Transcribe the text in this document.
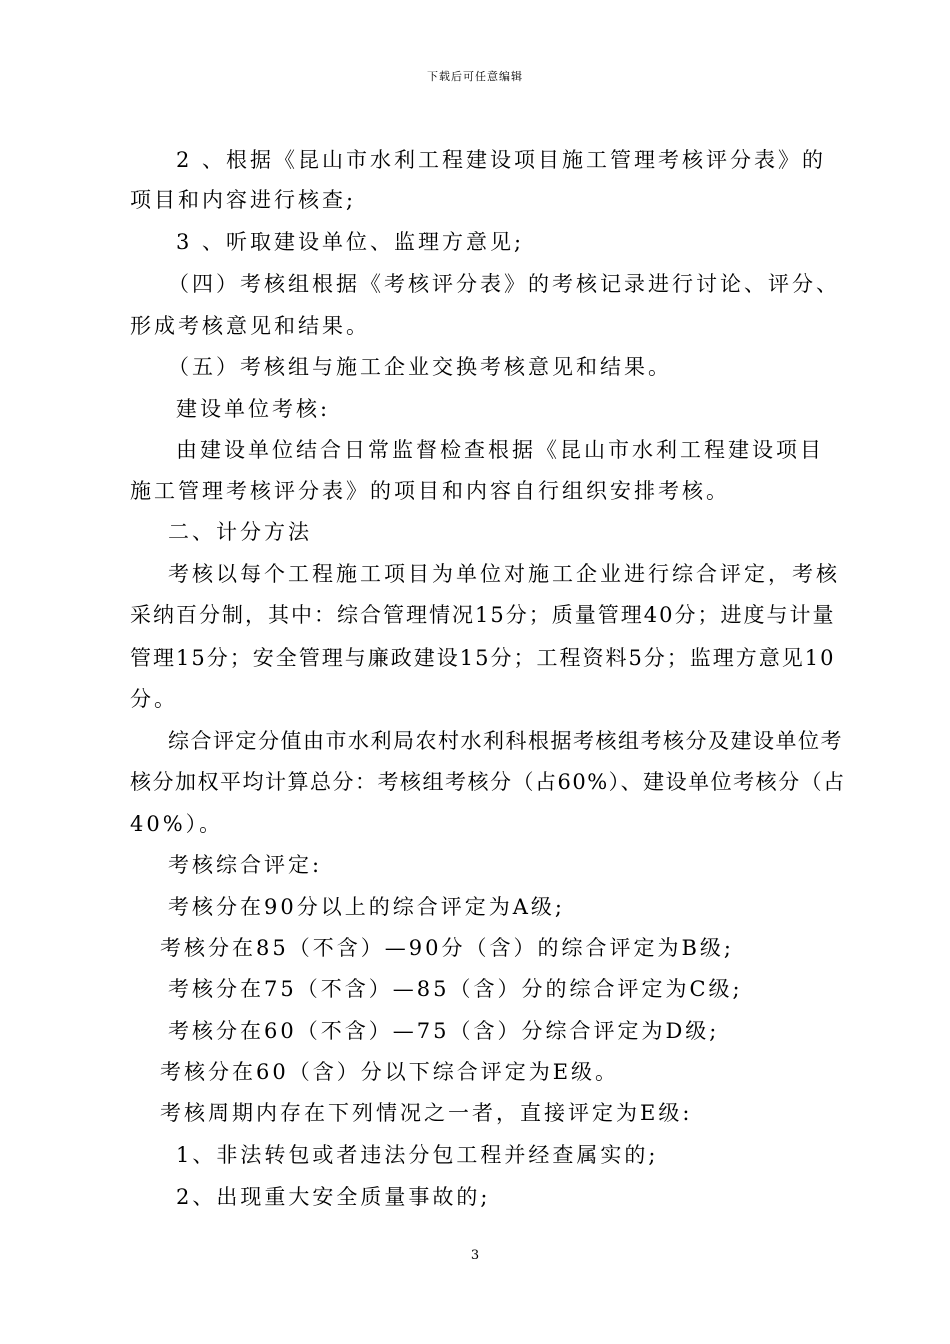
下载后可任意编辑
2 、根据《昆山市水利工程建设项目施工管理考核评分表》的
项目和内容进行核查;
3 、听取建设单位、监理方意见;
（四）考核组根据《考核评分表》的考核记录进行讨论、评分、
形成考核意见和结果。
（五）考核组与施工企业交换考核意见和结果。
建设单位考核:
由建设单位结合日常监督检查根据《昆山市水利工程建设项目
施工管理考核评分表》的项目和内容自行组织安排考核。
二、计分方法
考核以每个工程施工项目为单位对施工企业进行综合评定，考核
采纳百分制，其中：综合管理情况15分；质量管理40分；进度与计量
管理15分；安全管理与廉政建设15分；工程资料5分；监理方意见10
分。
综合评定分值由市水利局农村水利科根据考核组考核分及建设单位考
核分加权平均计算总分：考核组考核分（占60%）、建设单位考核分（占
40%）。
考核综合评定:
考核分在90分以上的综合评定为A级;
考核分在85（不含）—90分（含）的综合评定为B级;
考核分在75（不含）—85（含）分的综合评定为C级;
考核分在60（不含）—75（含）分综合评定为D级;
考核分在60（含）分以下综合评定为E级。
考核周期内存在下列情况之一者，直接评定为E级:
1、非法转包或者违法分包工程并经查属实的;
2、出现重大安全质量事故的;
3
